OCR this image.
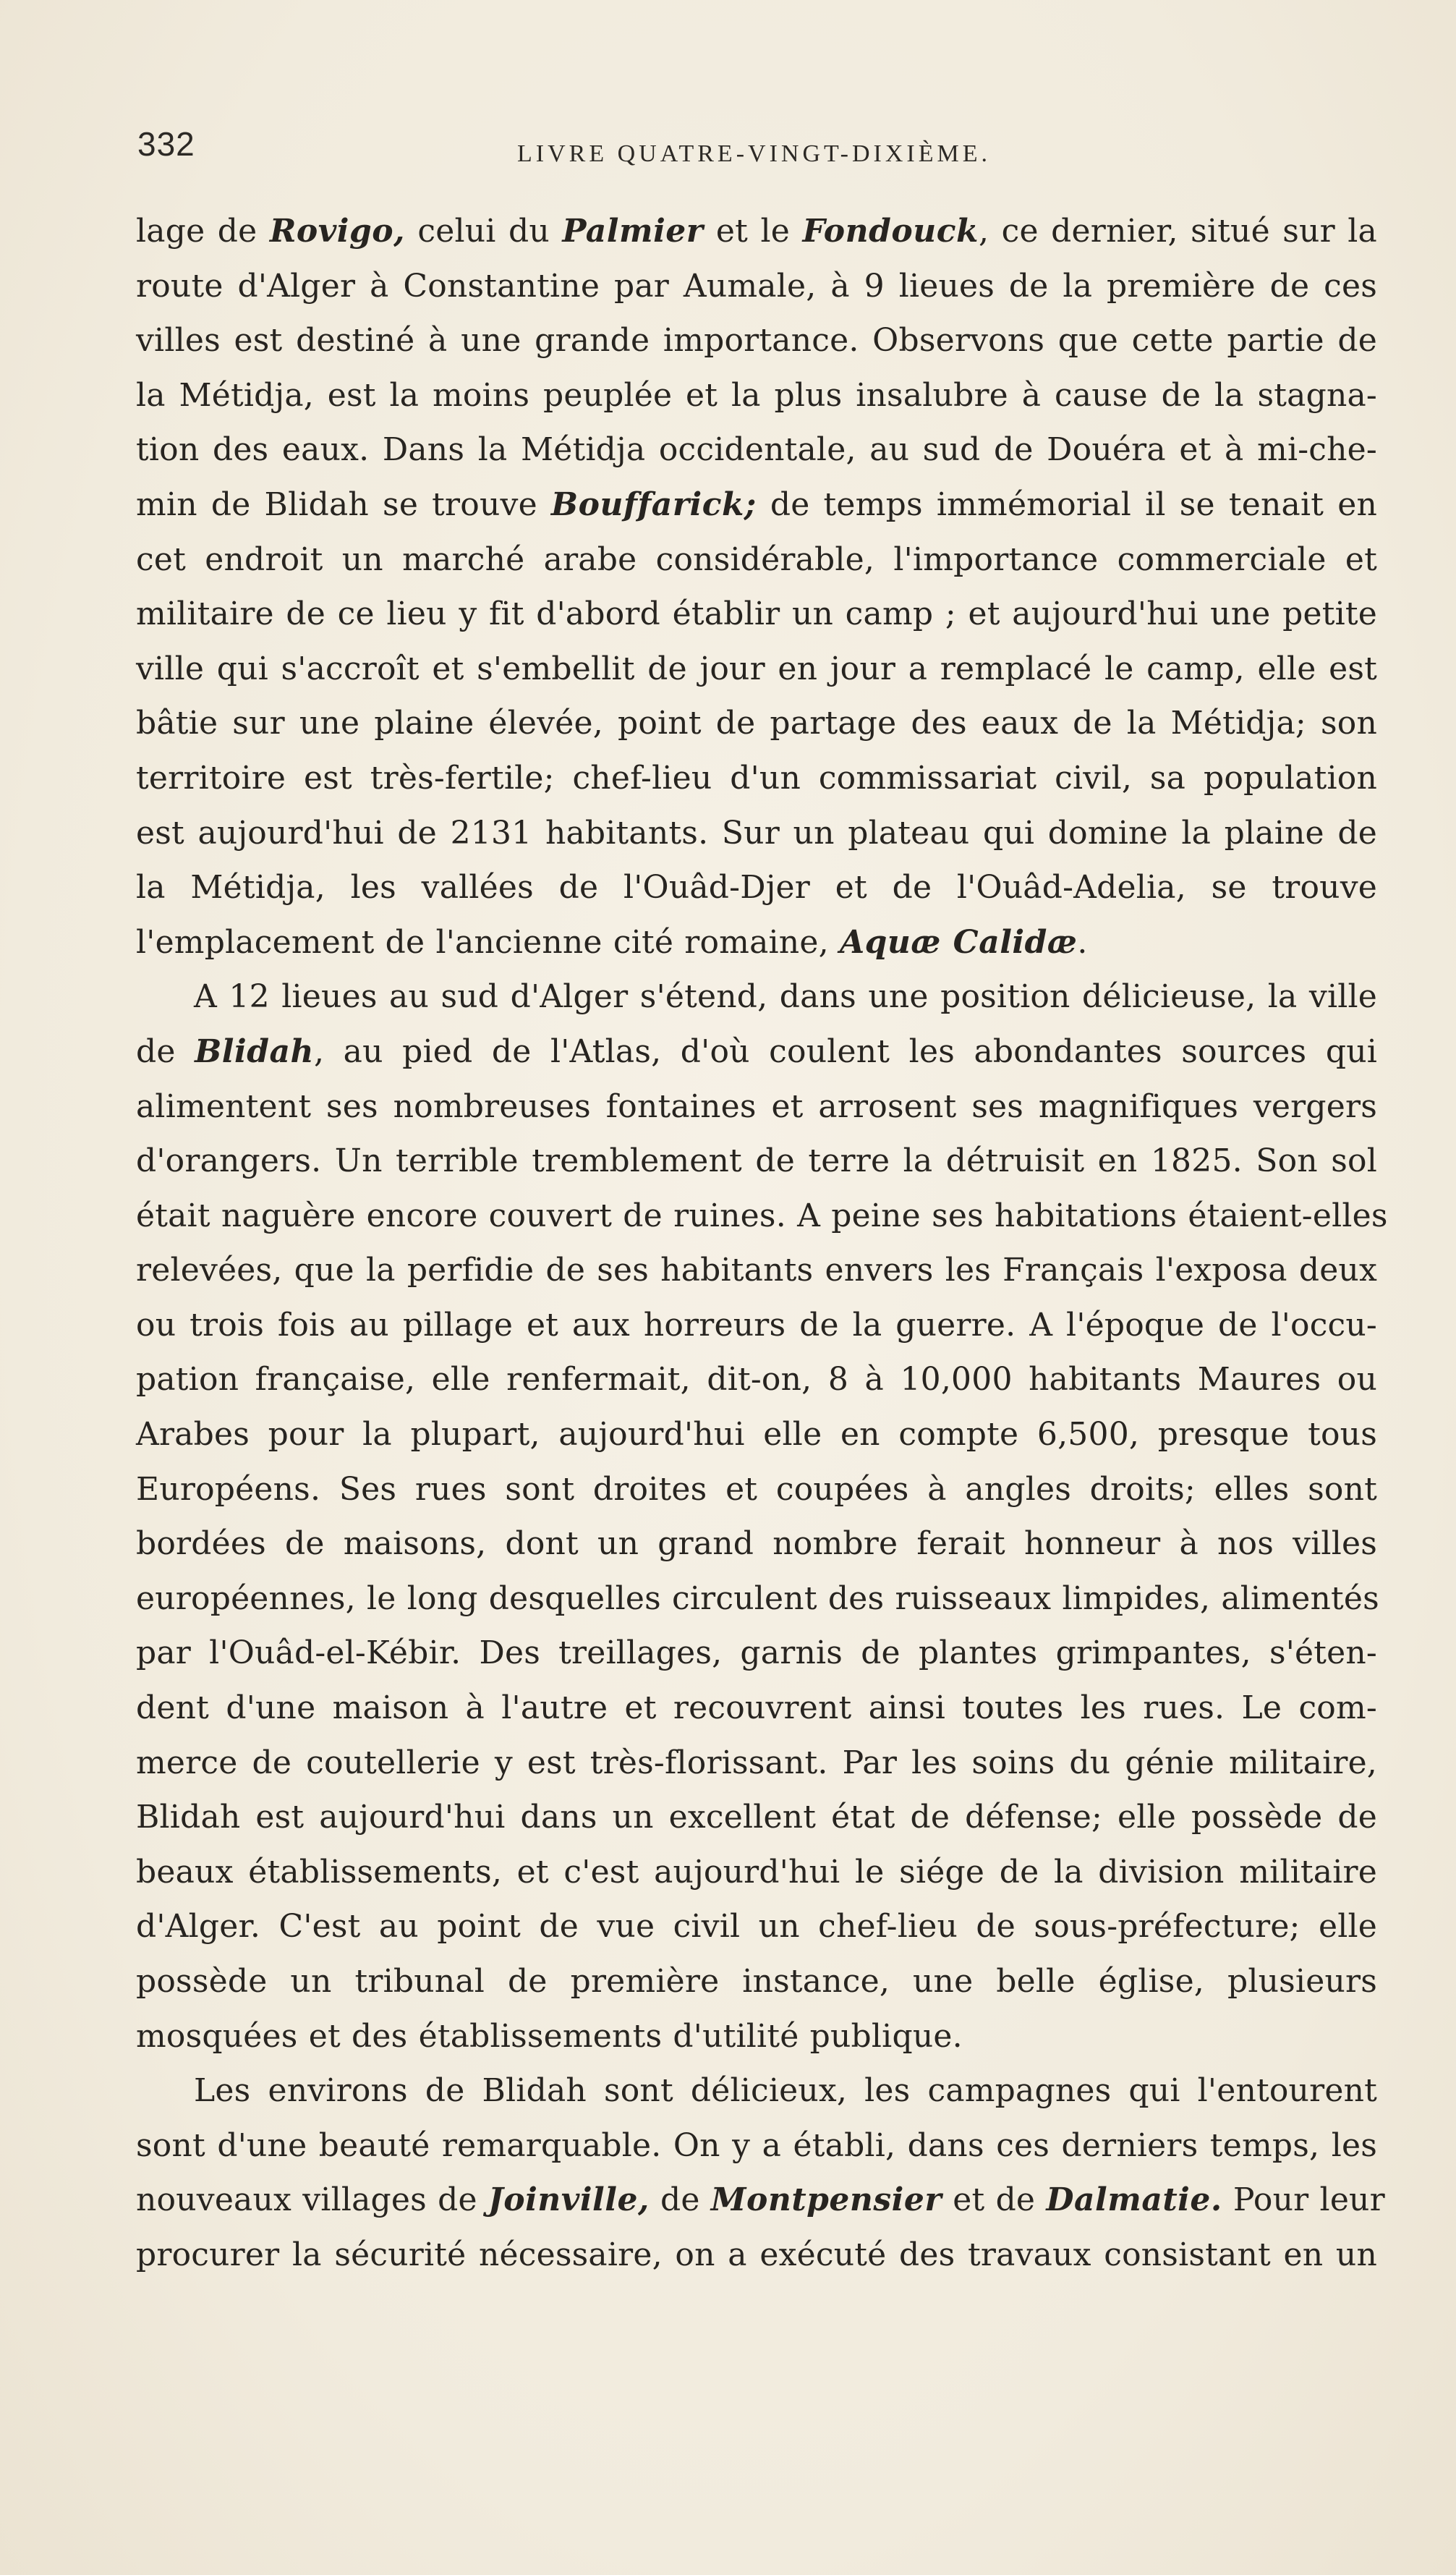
332	LIVRE QUATRE-VINGT-DIXIÈME.
lage de Rovigo, celui du Palmier et le Fondouck, ce dernier, situé sur la
route d'Alger à Constantine par Aumale, à 9 lieues de la première de ces
villes est destiné à une grande importance. Observons que cette partie de
la Métidja, est la moins peuplée et la plus insalubre à cause de la stagna-
tion des eaux. Dans la Métidja occidentale, au sud de Douéra et à mi-che-
min de Blidah se trouve Bouffarick; de temps immémorial il se tenait en
cet endroit un marché arabe considérable, l'importance commerciale et
militaire de ce lieu y fit d'abord établir un camp ; et aujourd'hui une petite
ville qui s'accroît et s'embellit de jour en jour a remplacé le camp, elle est
bâtie sur une plaine élevée, point de partage des eaux de la Métidja; son
territoire est très-fertile; chef-lieu d'un commissariat civil, sa population
est aujourd'hui de 2131 habitants. Sur un plateau qui domine la plaine de
la Métidja, les vallées de l'Ouâd-Djer et de l'Ouâd-Adelia, se trouve
l'emplacement de l'ancienne cité romaine, Aquæ Calidæ.
A 12 lieues au sud d'Alger s'étend, dans une position délicieuse, la ville
de Blidah, au pied de l'Atlas, d'où coulent les abondantes sources qui
alimentent ses nombreuses fontaines et arrosent ses magnifiques vergers
d'orangers. Un terrible tremblement de terre la détruisit en 1825. Son sol
était naguère encore couvert de ruines. A peine ses habitations étaient-elles
relevées, que la perfidie de ses habitants envers les Français l'exposa deux
ou trois fois au pillage et aux horreurs de la guerre. A l'époque de l'occu-
pation française, elle renfermait, dit-on, 8 à 10,000 habitants Maures ou
Arabes pour la plupart, aujourd'hui elle en compte 6,500, presque tous
Européens. Ses rues sont droites et coupées à angles droits; elles sont
bordées de maisons, dont un grand nombre ferait honneur à nos villes
européennes, le long desquelles circulent des ruisseaux limpides, alimentés
par l'Ouâd-el-Kébir. Des treillages, garnis de plantes grimpantes, s'éten-
dent d'une maison à l'autre et recouvrent ainsi toutes les rues. Le com-
merce de coutellerie y est très-florissant. Par les soins du génie militaire,
Blidah est aujourd'hui dans un excellent état de défense; elle possède de
beaux établissements, et c'est aujourd'hui le siége de la division militaire
d'Alger. C'est au point de vue civil un chef-lieu de sous-préfecture; elle
possède un tribunal de première instance, une belle église, plusieurs
mosquées et des établissements d'utilité publique.
Les environs de Blidah sont délicieux, les campagnes qui l'entourent
sont d'une beauté remarquable. On y a établi, dans ces derniers temps, les
nouveaux villages de Joinville, de Montpensier et de Dalmatie. Pour leur
procurer la sécurité nécessaire, on a exécuté des travaux consistant en un
